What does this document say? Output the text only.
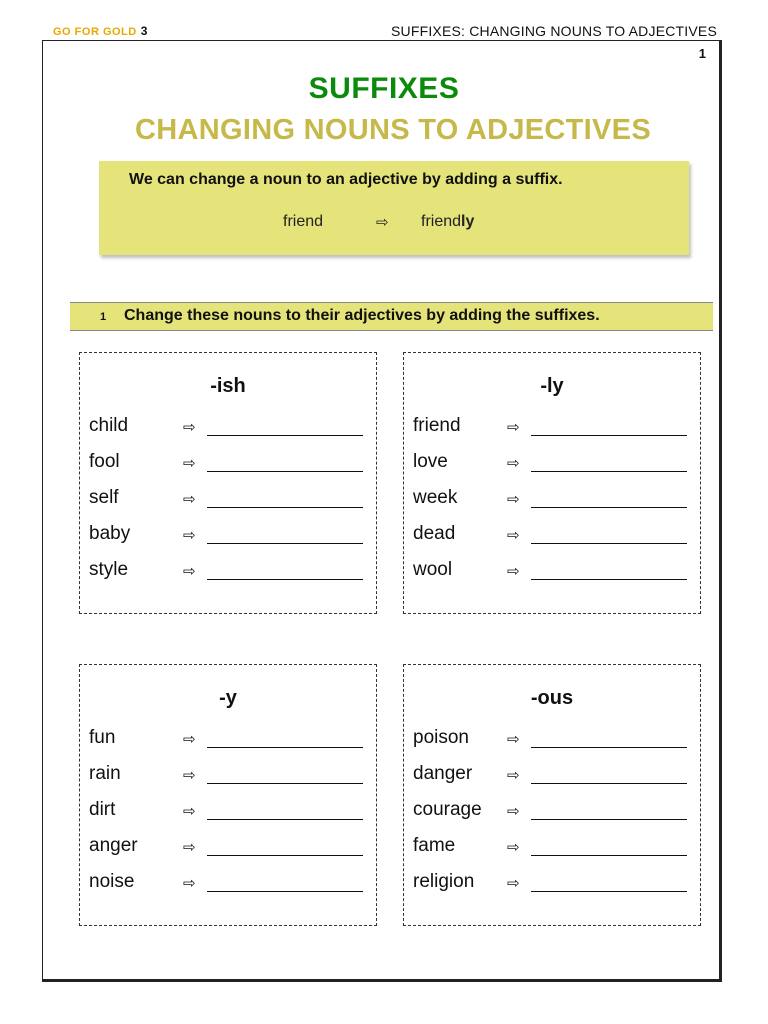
GO FOR GOLD 3	SUFFIXES: CHANGING NOUNS TO ADJECTIVES
1
SUFFIXES
CHANGING NOUNS TO ADJECTIVES
We can change a noun to an adjective by adding a suffix.
friend	⇨ friendly
1 Change these nouns to their adjectives by adding the suffixes.
-ish
child	⇨
fool	⇨
self	⇨
baby	⇨
style	⇨
-ly
friend	⇨
love	⇨
week	⇨
dead	⇨
wool	⇨
-y
fun	⇨
rain	⇨
dirt	⇨
anger	⇨
noise	⇨
-ous
poison	⇨
danger ⇨
courage ⇨
fame	⇨
religion ⇨
